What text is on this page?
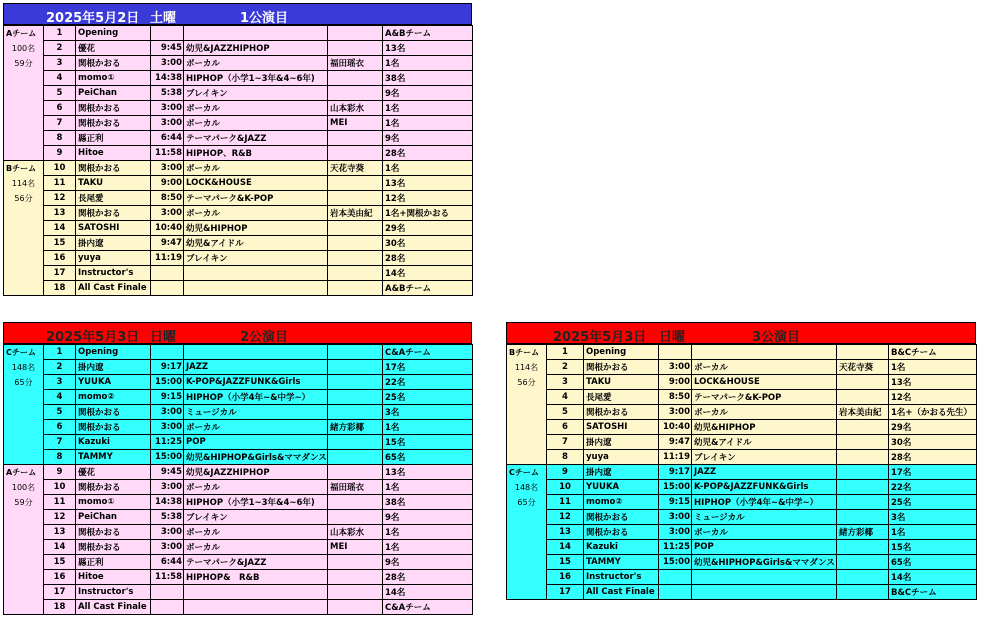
2025年5月2日 土曜	1公演目
Aチーム
100名
59分	1	Opening				A&Bチーム
	2	優花	9:45	幼児&JAZZHIPHOP		13名
	3	関根かおる	3:00	ボーカル	福田瑶衣	1名
	4	momo①	14:38	HIPHOP（小学1~3年&4~6年)		38名
	5	PeiChan	5:38	ブレイキン		9名
	6	関根かおる	3:00	ボーカル	山本彩水	1名
	7	関根かおる	3:00	ボーカル	MEI	1名
	8	縣正利	6:44	テーマパーク&JAZZ		9名
	9	Hitoe	11:58	HIPHOP、R&B		28名

Bチーム
114名
56分	10	関根かおる	3:00	ボーカル	天花寺葵	1名
	11	TAKU	9:00	LOCK&HOUSE		13名
	12	長尾愛	8:50	テーマパーク&K-POP		12名
	13	関根かおる	3:00	ボーカル	岩本美由紀	1名+関根かおる
	14	SATOSHI	10:40	幼児&HIPHOP		29名
	15	掛内遼	9:47	幼児&アイドル		30名
	16	yuya	11:19	ブレイキン		28名
	17	Instructor's				14名
	18	All Cast Finale				A&Bチーム
2025年5月3日 日曜	2公演目
Cチーム
148名
65分	1	Opening				C&Aチーム
	2	掛内遼	9:17	JAZZ		17名
	3	YUUKA	15:00	K-POP&JAZZFUNK&Girls		22名
	4	momo②	9:15	HIPHOP（小学4年~&中学~）		25名
	5	関根かおる	3:00	ミュージカル		3名
	6	関根かおる	3:00	ボーカル	緒方彩椰	1名
	7	Kazuki	11:25	POP		15名
	8	TAMMY	15:00	幼児&HIPHOP&Girls&ママダンス		65名

Aチーム
100名
59分	9	優花	9:45	幼児&JAZZHIPHOP		13名
	10	関根かおる	3:00	ボーカル	福田瑶衣	1名
	11	momo①	14:38	HIPHOP（小学1~3年&4~6年)		38名
	12	PeiChan	5:38	ブレイキン		9名
	13	関根かおる	3:00	ボーカル	山本彩水	1名
	14	関根かおる	3:00	ボーカル	MEI	1名
	15	縣正利	6:44	テーマパーク&JAZZ		9名
	16	Hitoe	11:58	HIPHOP&　R&B		28名
	17	Instructor's				14名
	18	All Cast Finale				C&Aチーム
2025年5月3日 日曜	3公演目
Bチーム
114名
56分	1	Opening				B&Cチーム
	2	関根かおる	3:00	ボーカル	天花寺葵	1名
	3	TAKU	9:00	LOCK&HOUSE		13名
	4	長尾愛	8:50	テーマパーク&K-POP		12名
	5	関根かおる	3:00	ボーカル	岩本美由紀	1名+（かおる先生）
	6	SATOSHI	10:40	幼児&HIPHOP		29名
	7	掛内遼	9:47	幼児&アイドル		30名
	8	yuya	11:19	ブレイキン		28名

Cチーム
148名
65分	9	掛内遼	9:17	JAZZ		17名
	10	YUUKA	15:00	K-POP&JAZZFUNK&Girls		22名
	11	momo②	9:15	HIPHOP（小学4年~&中学~）		25名
	12	関根かおる	3:00	ミュージカル		3名
	13	関根かおる	3:00	ボーカル	緒方彩椰	1名
	14	Kazuki	11:25	POP		15名
	15	TAMMY	15:00	幼児&HIPHOP&Girls&ママダンス		65名
	16	Instructor's				14名
	17	All Cast Finale				B&Cチーム
